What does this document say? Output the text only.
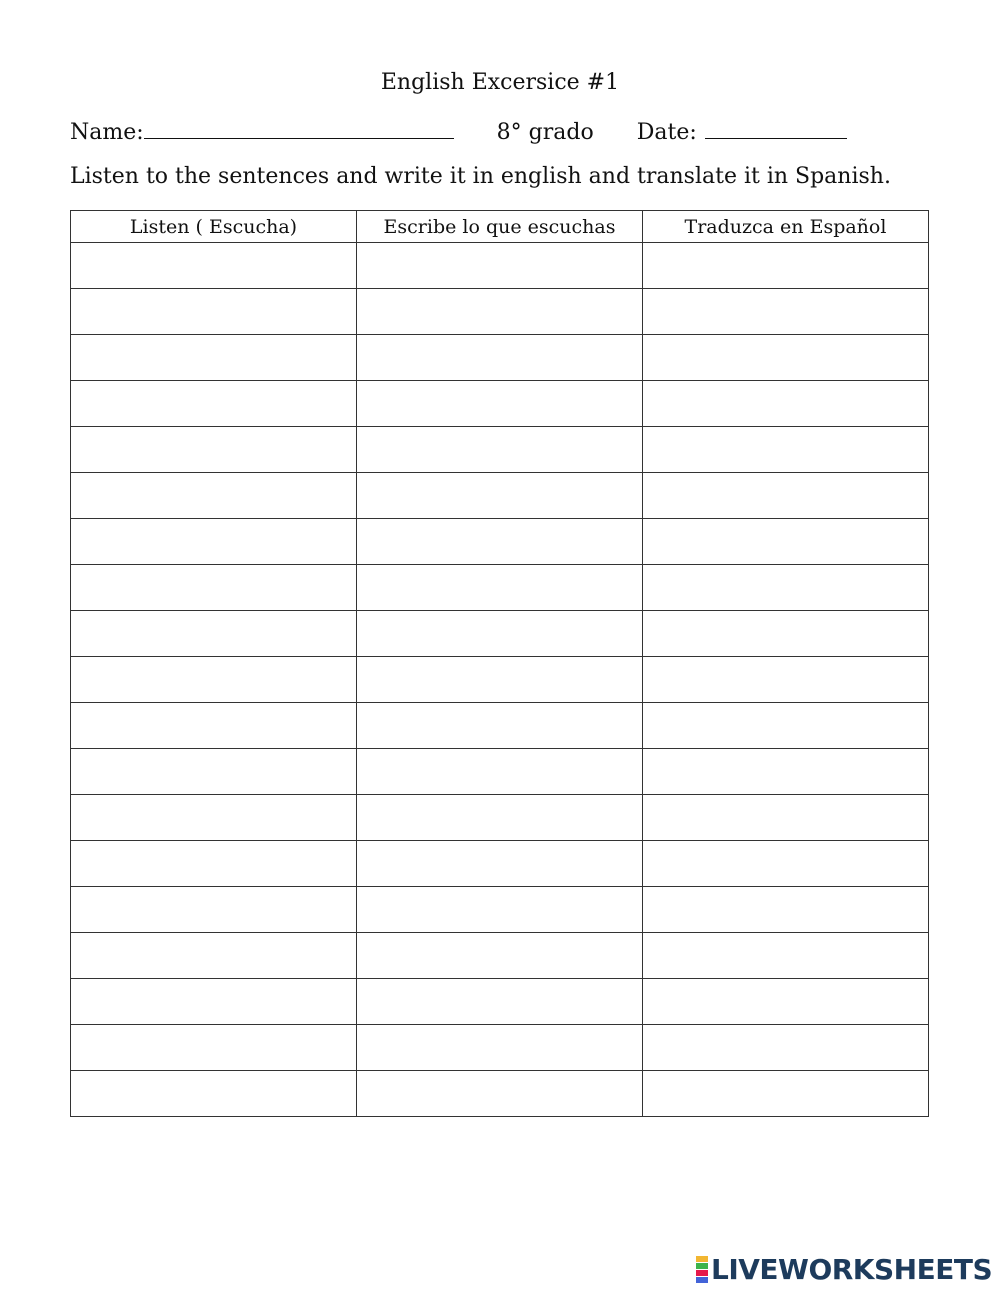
English Excersice #1
Name:	8° grado Date:
Listen to the sentences and write it in english and translate it in Spanish.
Listen ( Escucha)	Escribe lo que escuchas	Traduzca en Español

LIVEWORKSHEETS
